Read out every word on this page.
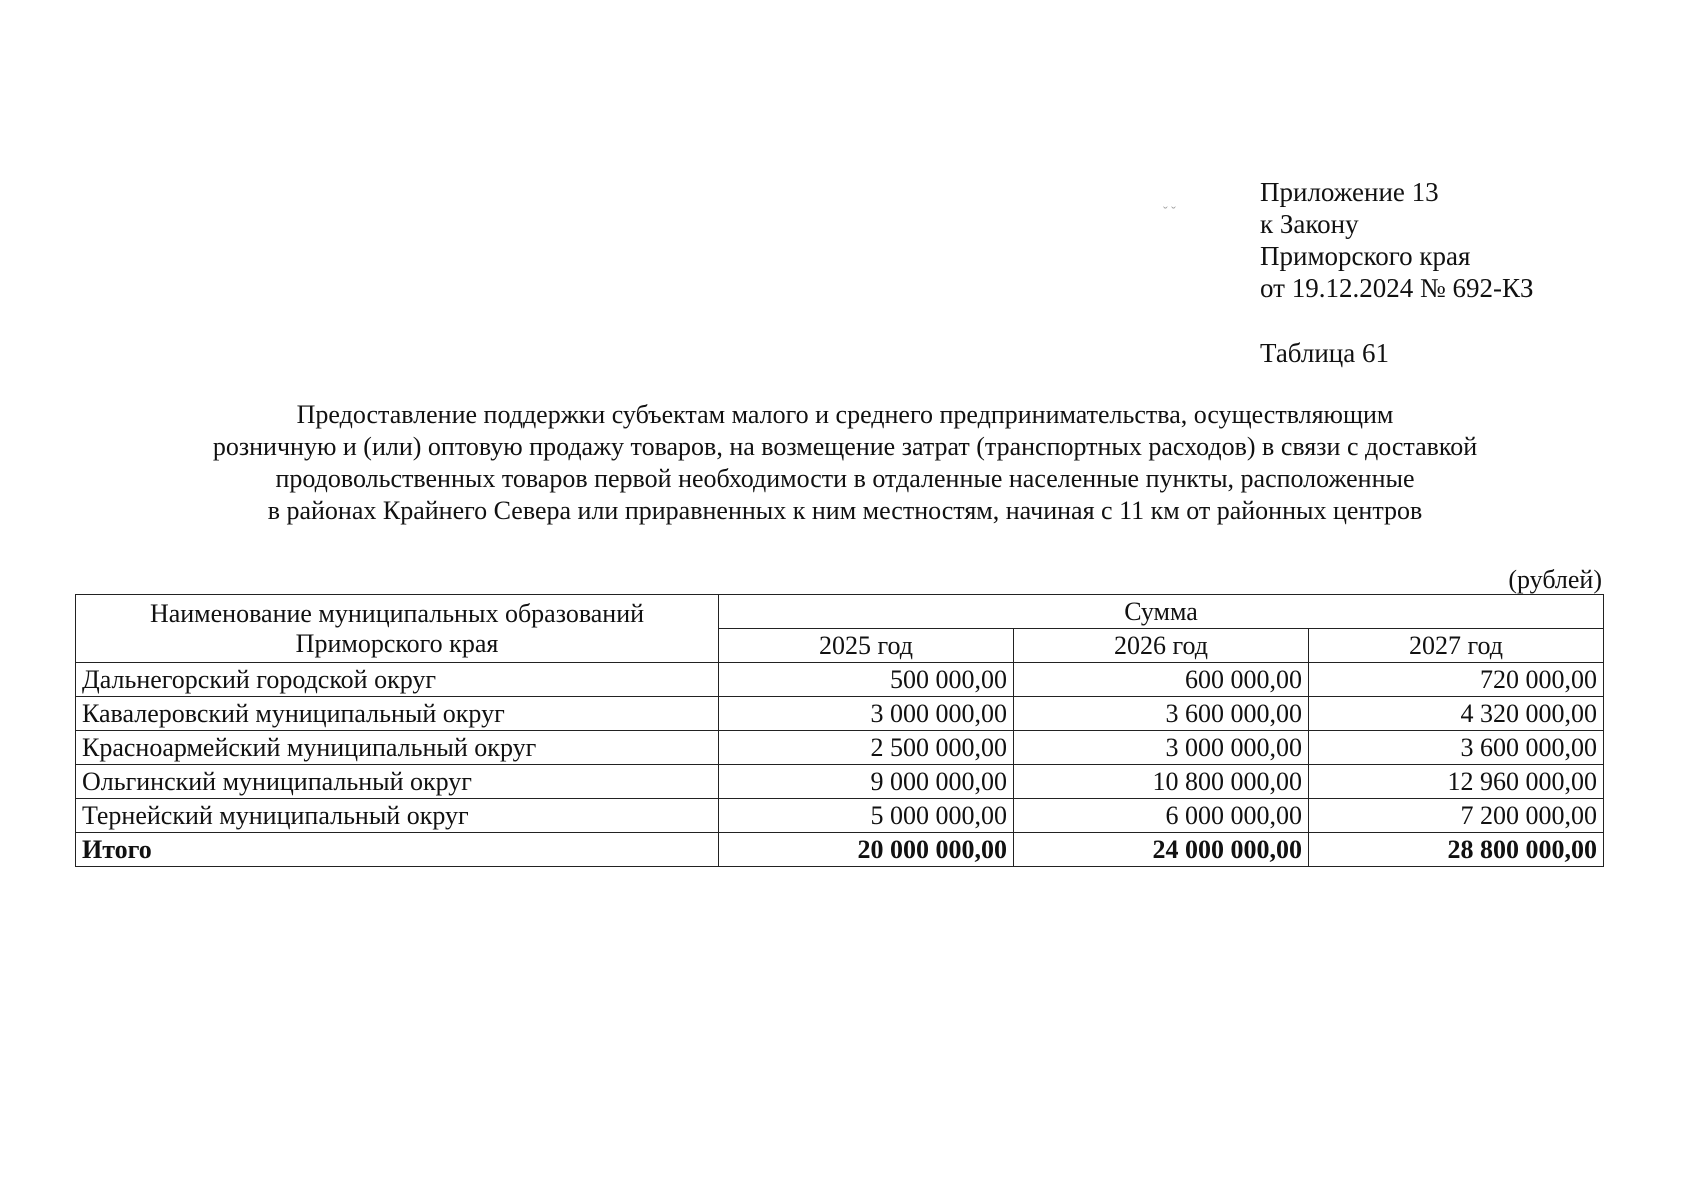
ˇ ˇ
Приложение 13
к Закону
Приморского края
от 19.12.2024 № 692-КЗ
Таблица 61
Предоставление поддержки субъектам малого и среднего предпринимательства, осуществляющим
розничную и (или) оптовую продажу товаров, на возмещение затрат (транспортных расходов) в связи с доставкой
продовольственных товаров первой необходимости в отдаленные населенные пункты, расположенные
в районах Крайнего Севера или приравненных к ним местностям, начиная с 11 км от районных центров
(рублей)
Наименование муниципальных образований
Приморского края	Сумма		
	2025 год	2026 год	2027 год
Дальнегорский городской округ	500 000,00	600 000,00	720 000,00
Кавалеровский муниципальный округ	3 000 000,00	3 600 000,00	4 320 000,00
Красноармейский муниципальный округ	2 500 000,00	3 000 000,00	3 600 000,00
Ольгинский муниципальный округ	9 000 000,00	10 800 000,00	12 960 000,00
Тернейский муниципальный округ	5 000 000,00	6 000 000,00	7 200 000,00
Итого	20 000 000,00	24 000 000,00	28 800 000,00
